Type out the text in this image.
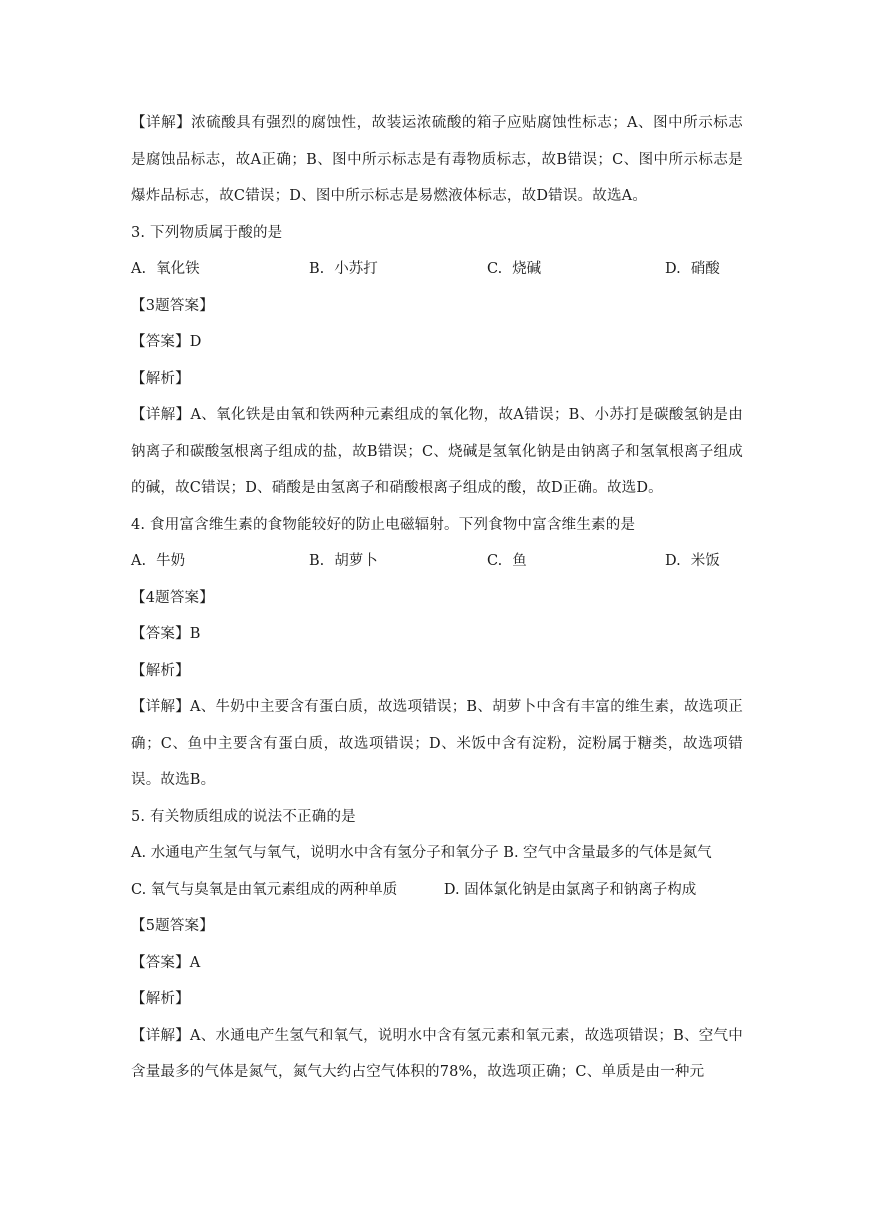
【详解】浓硫酸具有强烈的腐蚀性，故装运浓硫酸的箱子应贴腐蚀性标志；A、图中所示标志是腐蚀品标志，故A正确；B、图中所示标志是有毒物质标志，故B错误；C、图中所示标志是爆炸品标志，故C错误；D、图中所示标志是易燃液体标志，故D错误。故选A。
3. 下列物质属于酸的是
A. 氧化铁	B. 小苏打	C. 烧碱	D. 硝酸
【3题答案】
【答案】D
【解析】
【详解】A、氧化铁是由氧和铁两种元素组成的氧化物，故A错误；B、小苏打是碳酸氢钠是由钠离子和碳酸氢根离子组成的盐，故B错误；C、烧碱是氢氧化钠是由钠离子和氢氧根离子组成的碱，故C错误；D、硝酸是由氢离子和硝酸根离子组成的酸，故D正确。故选D。
4. 食用富含维生素的食物能较好的防止电磁辐射。下列食物中富含维生素的是
A. 牛奶	B. 胡萝卜	C. 鱼	D. 米饭
【4题答案】
【答案】B
【解析】
【详解】A、牛奶中主要含有蛋白质，故选项错误；B、胡萝卜中含有丰富的维生素，故选项正确；C、鱼中主要含有蛋白质，故选项错误；D、米饭中含有淀粉，淀粉属于糖类，故选项错误。故选B。
5. 有关物质组成的说法不正确的是
A. 水通电产生氢气与氧气，说明水中含有氢分子和氧分子 B. 空气中含量最多的气体是氮气
C. 氧气与臭氧是由氧元素组成的两种单质	D. 固体氯化钠是由氯离子和钠离子构成
【5题答案】
【答案】A
【解析】
【详解】A、水通电产生氢气和氧气，说明水中含有氢元素和氧元素，故选项错误；B、空气中含量最多的气体是氮气，氮气大约占空气体积的78%，故选项正确；C、单质是由一种元
